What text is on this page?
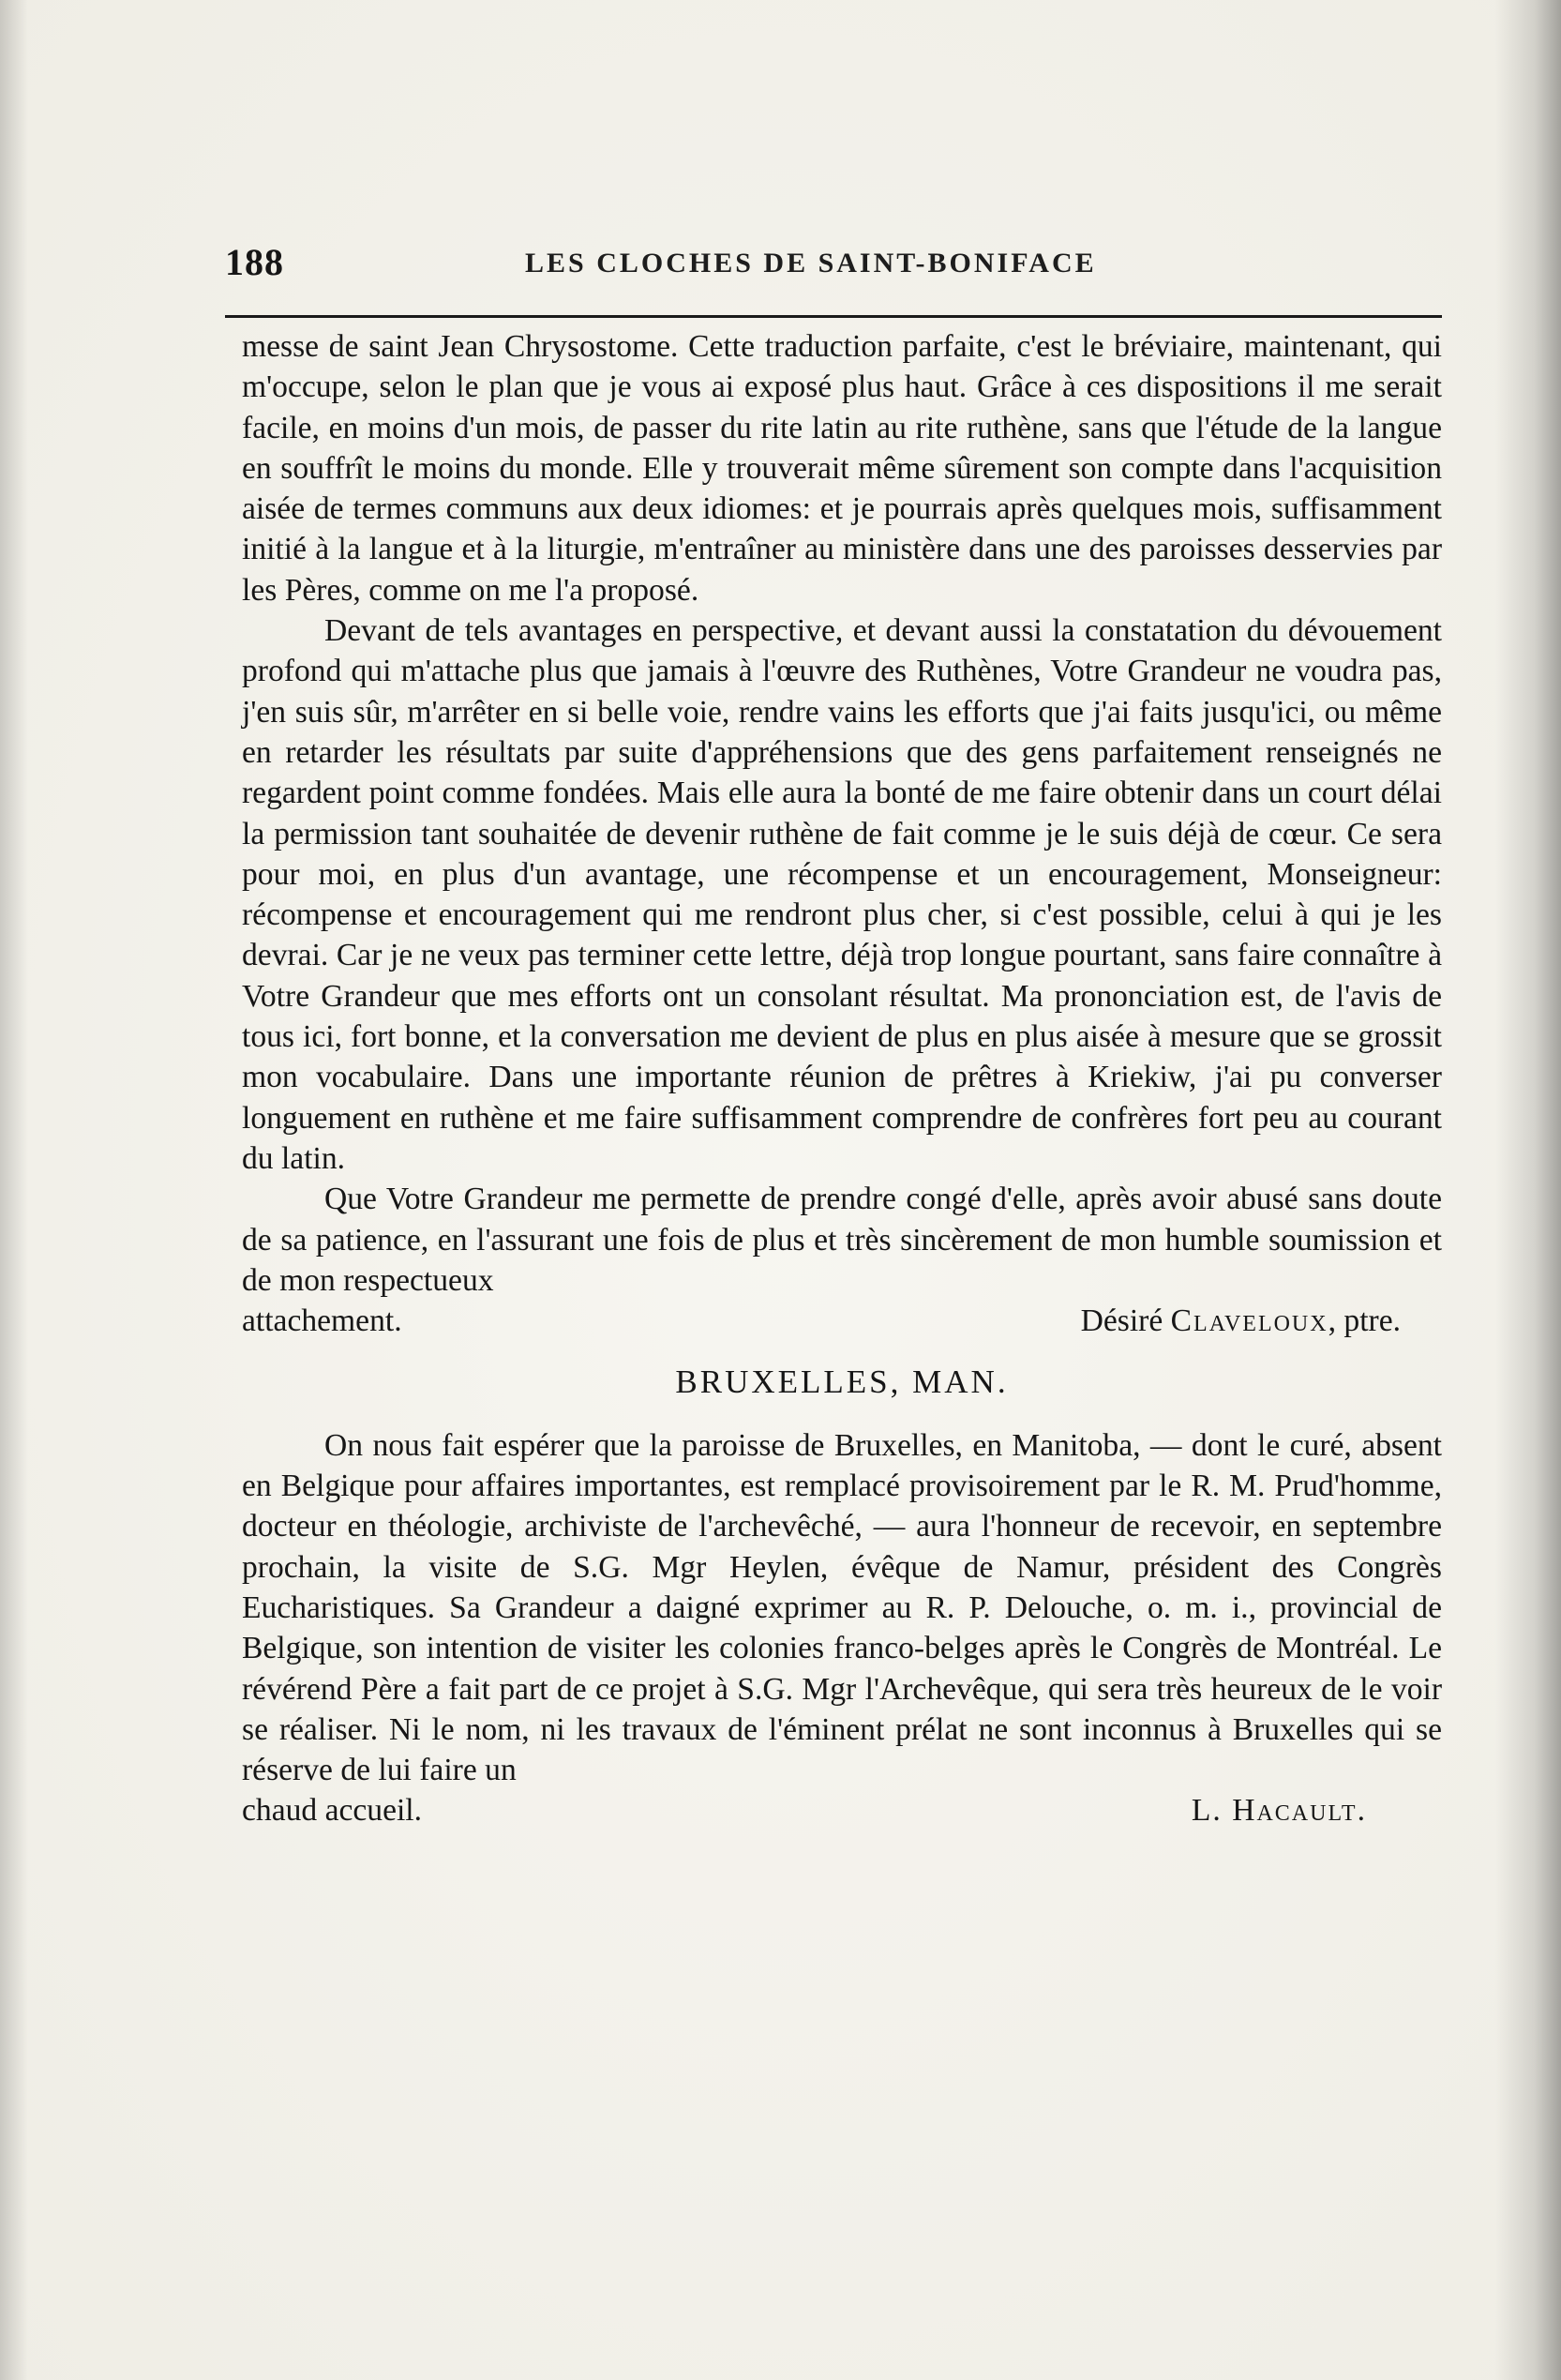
188	LES CLOCHES DE SAINT-BONIFACE

messe de saint Jean Chrysostome. Cette traduction parfaite, c'est le bréviaire, maintenant, qui m'occupe, selon le plan que je vous ai exposé plus haut. Grâce à ces dispositions il me serait facile, en moins d'un mois, de passer du rite latin au rite ruthène, sans que l'étude de la langue en souffrît le moins du monde. Elle y trouverait même sûrement son compte dans l'acquisition aisée de termes communs aux deux idiomes: et je pourrais après quelques mois, suffisamment initié à la langue et à la liturgie, m'entraîner au ministère dans une des paroisses desservies par les Pères, comme on me l'a proposé.

Devant de tels avantages en perspective, et devant aussi la constatation du dévouement profond qui m'attache plus que jamais à l'œuvre des Ruthènes, Votre Grandeur ne voudra pas, j'en suis sûr, m'arrêter en si belle voie, rendre vains les efforts que j'ai faits jusqu'ici, ou même en retarder les résultats par suite d'appréhensions que des gens parfaitement renseignés ne regardent point comme fondées. Mais elle aura la bonté de me faire obtenir dans un court délai la permission tant souhaitée de devenir ruthène de fait comme je le suis déjà de cœur. Ce sera pour moi, en plus d'un avantage, une récompense et un encouragement, Monseigneur: récompense et encouragement qui me rendront plus cher, si c'est possible, celui à qui je les devrai. Car je ne veux pas terminer cette lettre, déjà trop longue pourtant, sans faire connaître à Votre Grandeur que mes efforts ont un consolant résultat. Ma prononciation est, de l'avis de tous ici, fort bonne, et la conversation me devient de plus en plus aisée à mesure que se grossit mon vocabulaire. Dans une importante réunion de prêtres à Kriekiw, j'ai pu converser longuement en ruthène et me faire suffisamment comprendre de confrères fort peu au courant du latin.

Que Votre Grandeur me permette de prendre congé d'elle, après avoir abusé sans doute de sa patience, en l'assurant une fois de plus et très sincèrement de mon humble soumission et de mon respectueux

attachement.	Désiré Claveloux, ptre.

BRUXELLES, MAN.

On nous fait espérer que la paroisse de Bruxelles, en Manitoba, — dont le curé, absent en Belgique pour affaires importantes, est remplacé provisoirement par le R. M. Prud'homme, docteur en théologie, archiviste de l'archevêché, — aura l'honneur de recevoir, en septembre prochain, la visite de S.G. Mgr Heylen, évêque de Namur, président des Congrès Eucharistiques. Sa Grandeur a daigné exprimer au R. P. Delouche, o. m. i., provincial de Belgique, son intention de visiter les colonies franco-belges après le Congrès de Montréal. Le révérend Père a fait part de ce projet à S.G. Mgr l'Archevêque, qui sera très heureux de le voir se réaliser. Ni le nom, ni les travaux de l'éminent prélat ne sont inconnus à Bruxelles qui se réserve de lui faire un

chaud accueil.	L. Hacault.
